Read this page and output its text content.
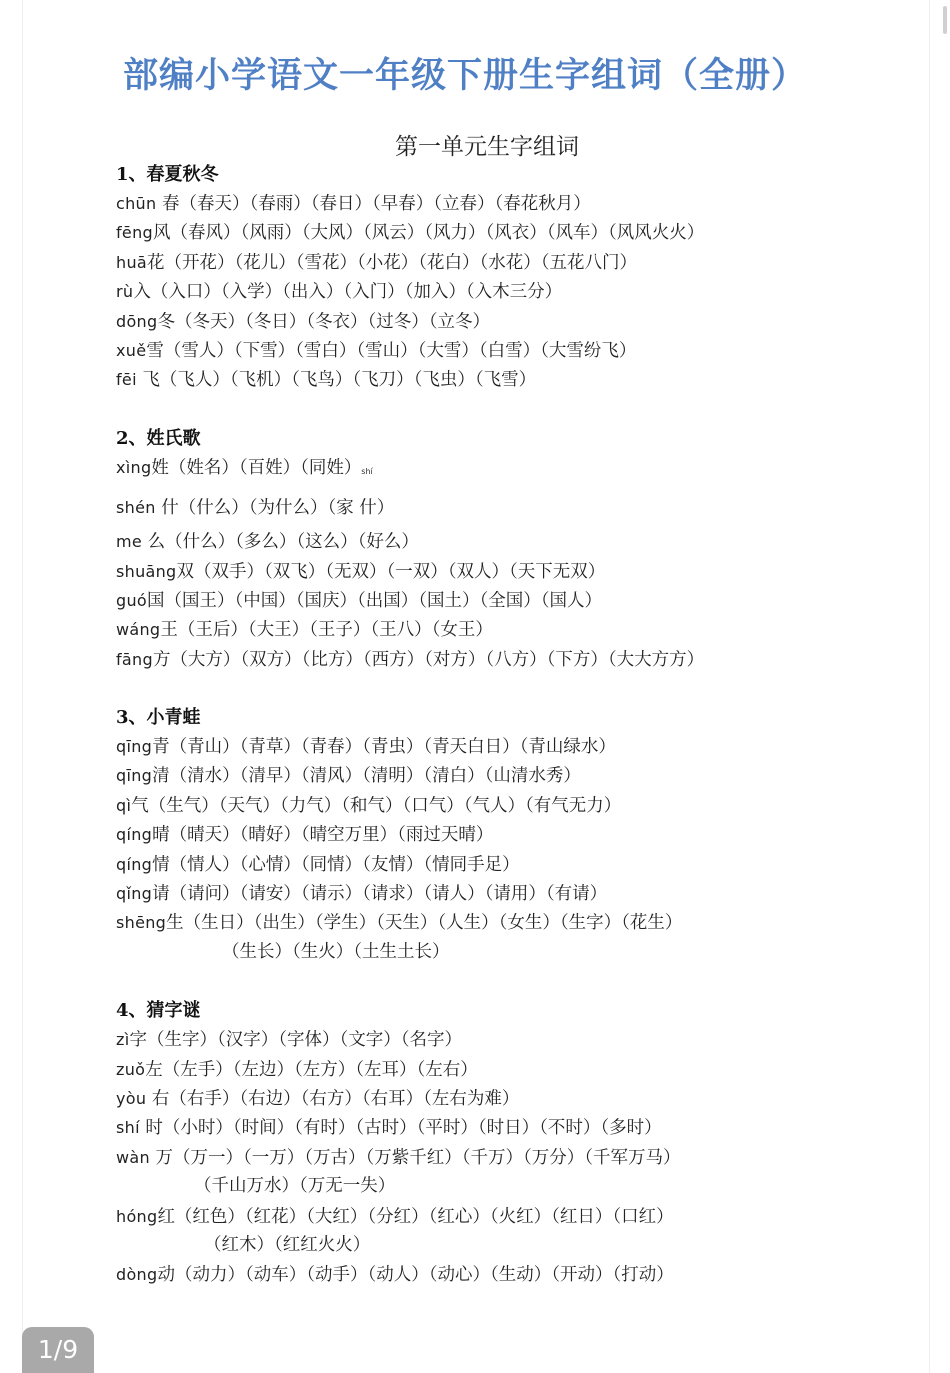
部编小学语文一年级下册生字组词（全册）
第一单元生字组词
1、春夏秋冬
chūn 春（春天）（春雨）（春日）（早春）（立春）（春花秋月）
fēng风（春风）（风雨）（大风）（风云）（风力）（风衣）（风车）（风风火火）
huā花（开花）（花儿）（雪花）（小花）（花白）（水花）（五花八门）
rù入（入口）（入学）（出入）（入门）（加入）（入木三分）
dōng冬（冬天）（冬日）（冬衣）（过冬）（立冬）
xuě雪（雪人）（下雪）（雪白）（雪山）（大雪）（白雪）（大雪纷飞）
fēi 飞（飞人）（飞机）（飞鸟）（飞刀）（飞虫）（飞雪）
2、姓氏歌
xìng姓（姓名）（百姓）（同姓）
shén 什（什么）（为什么）（家
shí
什）
me 么（什么）（多么）（这么）（好么）
shuāng双（双手）（双飞）（无双）（一双）（双人）（天下无双）
guó国（国王）（中国）（国庆）（出国）（国土）（全国）（国人）
wáng王（王后）（大王）（王子）（王八）（女王）
fāng方（大方）（双方）（比方）（西方）（对方）（八方）（下方）（大大方方）
3、小青蛙
qīng青（青山）（青草）（青春）（青虫）（青天白日）（青山绿水）
qīng清（清水）（清早）（清风）（清明）（清白）（山清水秀）
qì气（生气）（天气）（力气）（和气）（口气）（气人）（有气无力）
qíng晴（晴天）（晴好）（晴空万里）（雨过天晴）
qíng情（情人）（心情）（同情）（友情）（情同手足）
qǐng请（请问）（请安）（请示）（请求）（请人）（请用）（有请）
shēng生（生日）（出生）（学生）（天生）（人生）（女生）（生字）（花生）
（生长）（生火）（土生土长）
4、猜字谜
zì字（生字）（汉字）（字体）（文字）（名字）
zuǒ左（左手）（左边）（左方）（左耳）（左右）
yòu 右（右手）（右边）（右方）（右耳）（左右为难）
shí 时（小时）（时间）（有时）（古时）（平时）（时日）（不时）（多时）
wàn 万（万一）（一万）（万古）（万紫千红）（千万）（万分）（千军万马）
（千山万水）（万无一失）
hóng红（红色）（红花）（大红）（分红）（红心）（火红）（红日）（口红）
（红木）（红红火火）
dòng动（动力）（动车）（动手）（动人）（动心）（生动）（开动）（打动）
1/9
